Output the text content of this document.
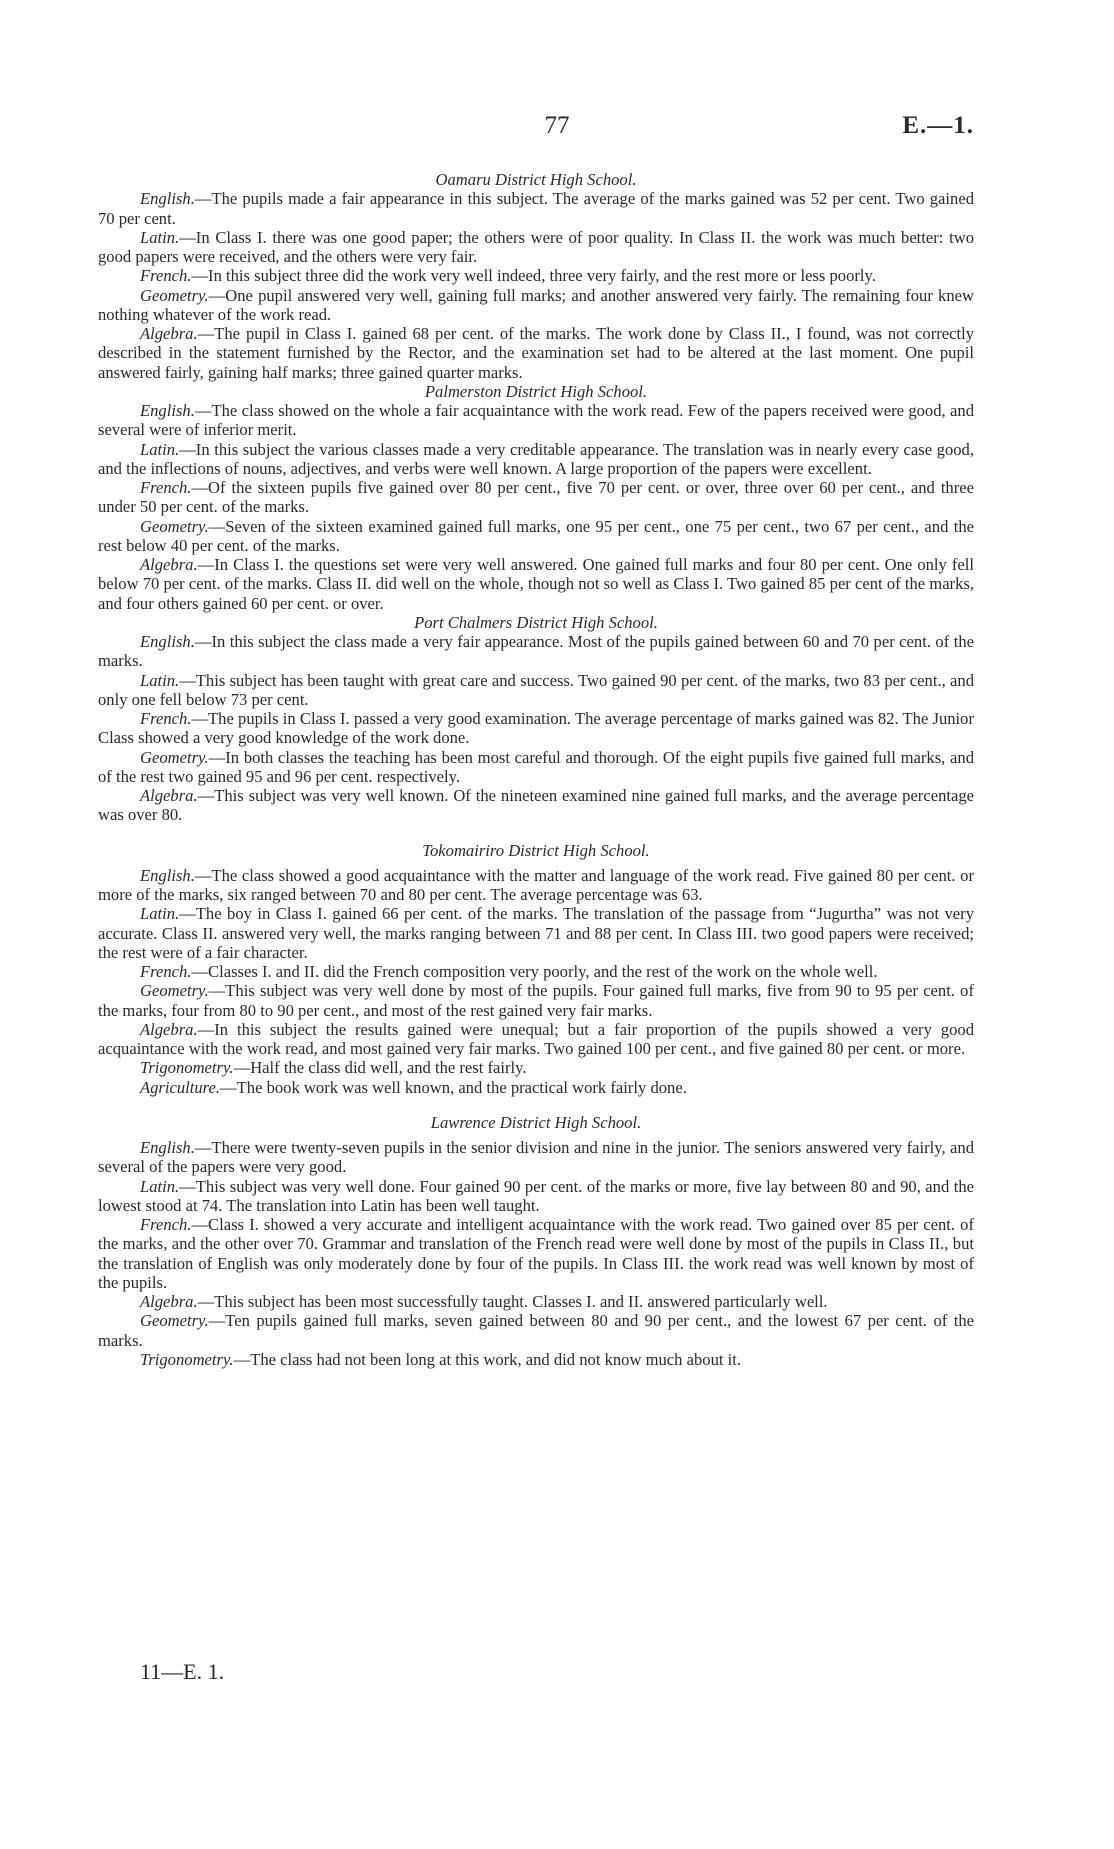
77	E.—1.

Oamaru District High School.

English.—The pupils made a fair appearance in this subject. The average of the marks gained was 52 per cent. Two gained 70 per cent.

Latin.—In Class I. there was one good paper; the others were of poor quality. In Class II. the work was much better: two good papers were received, and the others were very fair.

French.—In this subject three did the work very well indeed, three very fairly, and the rest more or less poorly.

Geometry.—One pupil answered very well, gaining full marks; and another answered very fairly. The remaining four knew nothing whatever of the work read.

Algebra.—The pupil in Class I. gained 68 per cent. of the marks. The work done by Class II., I found, was not correctly described in the statement furnished by the Rector, and the examination set had to be altered at the last moment. One pupil answered fairly, gaining half marks; three gained quarter marks.

Palmerston District High School.

English.—The class showed on the whole a fair acquaintance with the work read. Few of the papers received were good, and several were of inferior merit.

Latin.—In this subject the various classes made a very creditable appearance. The translation was in nearly every case good, and the inflections of nouns, adjectives, and verbs were well known. A large proportion of the papers were excellent.

French.—Of the sixteen pupils five gained over 80 per cent., five 70 per cent. or over, three over 60 per cent., and three under 50 per cent. of the marks.

Geometry.—Seven of the sixteen examined gained full marks, one 95 per cent., one 75 per cent., two 67 per cent., and the rest below 40 per cent. of the marks.

Algebra.—In Class I. the questions set were very well answered. One gained full marks and four 80 per cent. One only fell below 70 per cent. of the marks. Class II. did well on the whole, though not so well as Class I. Two gained 85 per cent of the marks, and four others gained 60 per cent. or over.

Port Chalmers District High School.

English.—In this subject the class made a very fair appearance. Most of the pupils gained between 60 and 70 per cent. of the marks.

Latin.—This subject has been taught with great care and success. Two gained 90 per cent. of the marks, two 83 per cent., and only one fell below 73 per cent.

French.—The pupils in Class I. passed a very good examination. The average percentage of marks gained was 82. The Junior Class showed a very good knowledge of the work done.

Geometry.—In both classes the teaching has been most careful and thorough. Of the eight pupils five gained full marks, and of the rest two gained 95 and 96 per cent. respectively.

Algebra.—This subject was very well known. Of the nineteen examined nine gained full marks, and the average percentage was over 80.

Tokomairiro District High School.

English.—The class showed a good acquaintance with the matter and language of the work read. Five gained 80 per cent. or more of the marks, six ranged between 70 and 80 per cent. The average percentage was 63.

Latin.—The boy in Class I. gained 66 per cent. of the marks. The translation of the passage from “Jugurtha” was not very accurate. Class II. answered very well, the marks ranging between 71 and 88 per cent. In Class III. two good papers were received; the rest were of a fair character.

French.—Classes I. and II. did the French composition very poorly, and the rest of the work on the whole well.

Geometry.—This subject was very well done by most of the pupils. Four gained full marks, five from 90 to 95 per cent. of the marks, four from 80 to 90 per cent., and most of the rest gained very fair marks.

Algebra.—In this subject the results gained were unequal; but a fair proportion of the pupils showed a very good acquaintance with the work read, and most gained very fair marks. Two gained 100 per cent., and five gained 80 per cent. or more.

Trigonometry.—Half the class did well, and the rest fairly.

Agriculture.—The book work was well known, and the practical work fairly done.

Lawrence District High School.

English.—There were twenty-seven pupils in the senior division and nine in the junior. The seniors answered very fairly, and several of the papers were very good.

Latin.—This subject was very well done. Four gained 90 per cent. of the marks or more, five lay between 80 and 90, and the lowest stood at 74. The translation into Latin has been well taught.

French.—Class I. showed a very accurate and intelligent acquaintance with the work read. Two gained over 85 per cent. of the marks, and the other over 70. Grammar and translation of the French read were well done by most of the pupils in Class II., but the translation of English was only moderately done by four of the pupils. In Class III. the work read was well known by most of the pupils.

Algebra.—This subject has been most successfully taught. Classes I. and II. answered particularly well.

Geometry.—Ten pupils gained full marks, seven gained between 80 and 90 per cent., and the lowest 67 per cent. of the marks.

Trigonometry.—The class had not been long at this work, and did not know much about it.

11—E. 1.
